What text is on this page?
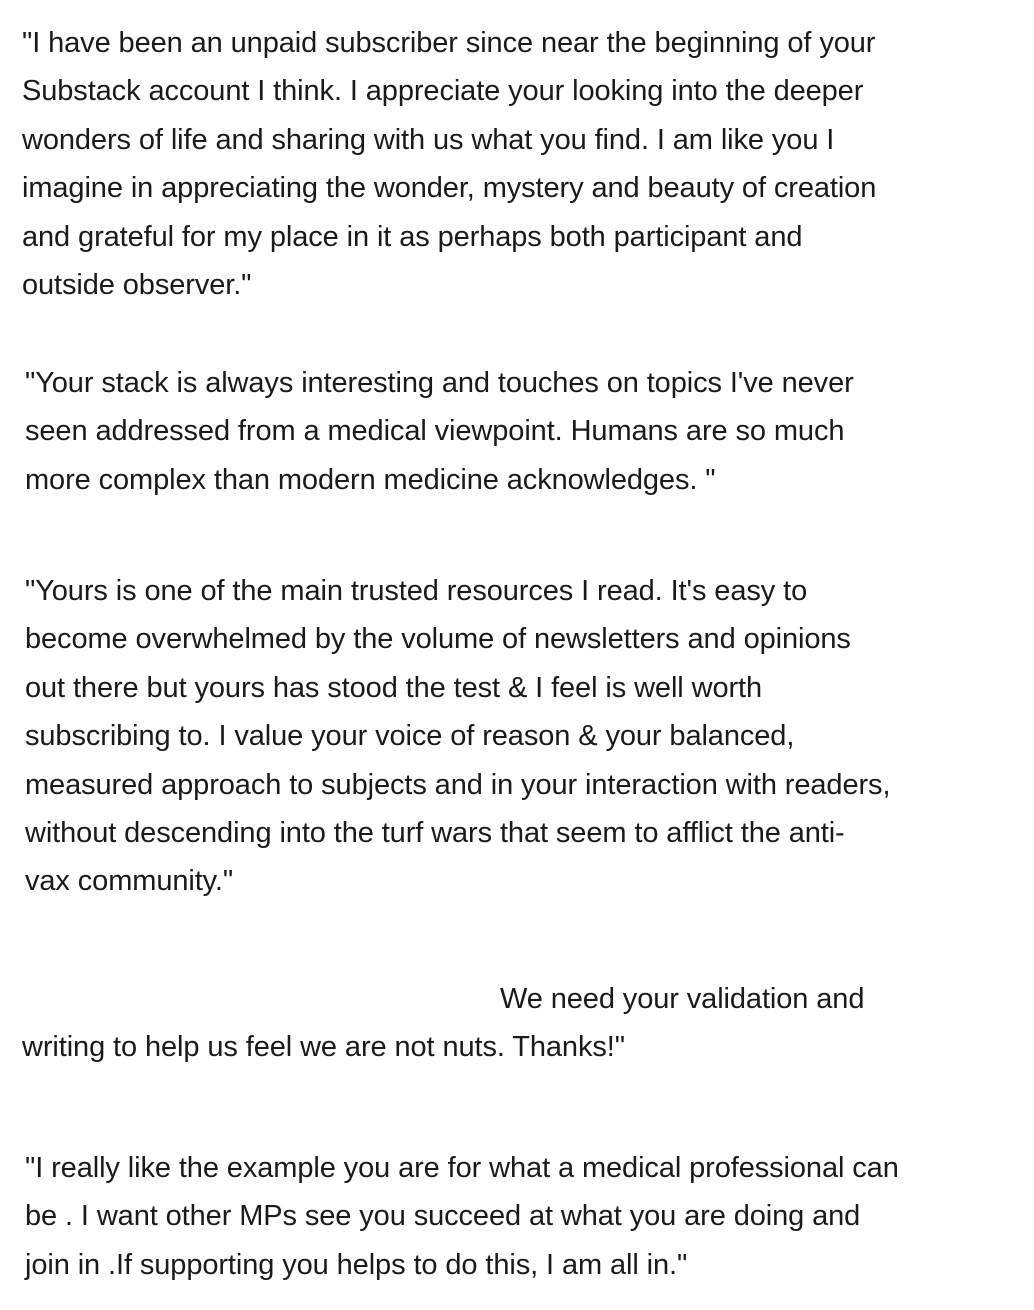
"I have been an unpaid subscriber since near the beginning of your
Substack account I think. I appreciate your looking into the deeper
wonders of life and sharing with us what you find. I am like you I
imagine in appreciating the wonder, mystery and beauty of creation
and grateful for my place in it as perhaps both participant and
outside observer."
"Your stack is always interesting and touches on topics I've never
seen addressed from a medical viewpoint. Humans are so much
more complex than modern medicine acknowledges. "
"Yours is one of the main trusted resources I read. It's easy to
become overwhelmed by the volume of newsletters and opinions
out there but yours has stood the test & I feel is well worth
subscribing to. I value your voice of reason & your balanced,
measured approach to subjects and in your interaction with readers,
without descending into the turf wars that seem to afflict the anti-
vax community."
We need your validation and
writing to help us feel we are not nuts. Thanks!"
"I really like the example you are for what a medical professional can
be . I want other MPs see you succeed at what you are doing and
join in .If supporting you helps to do this, I am all in."
